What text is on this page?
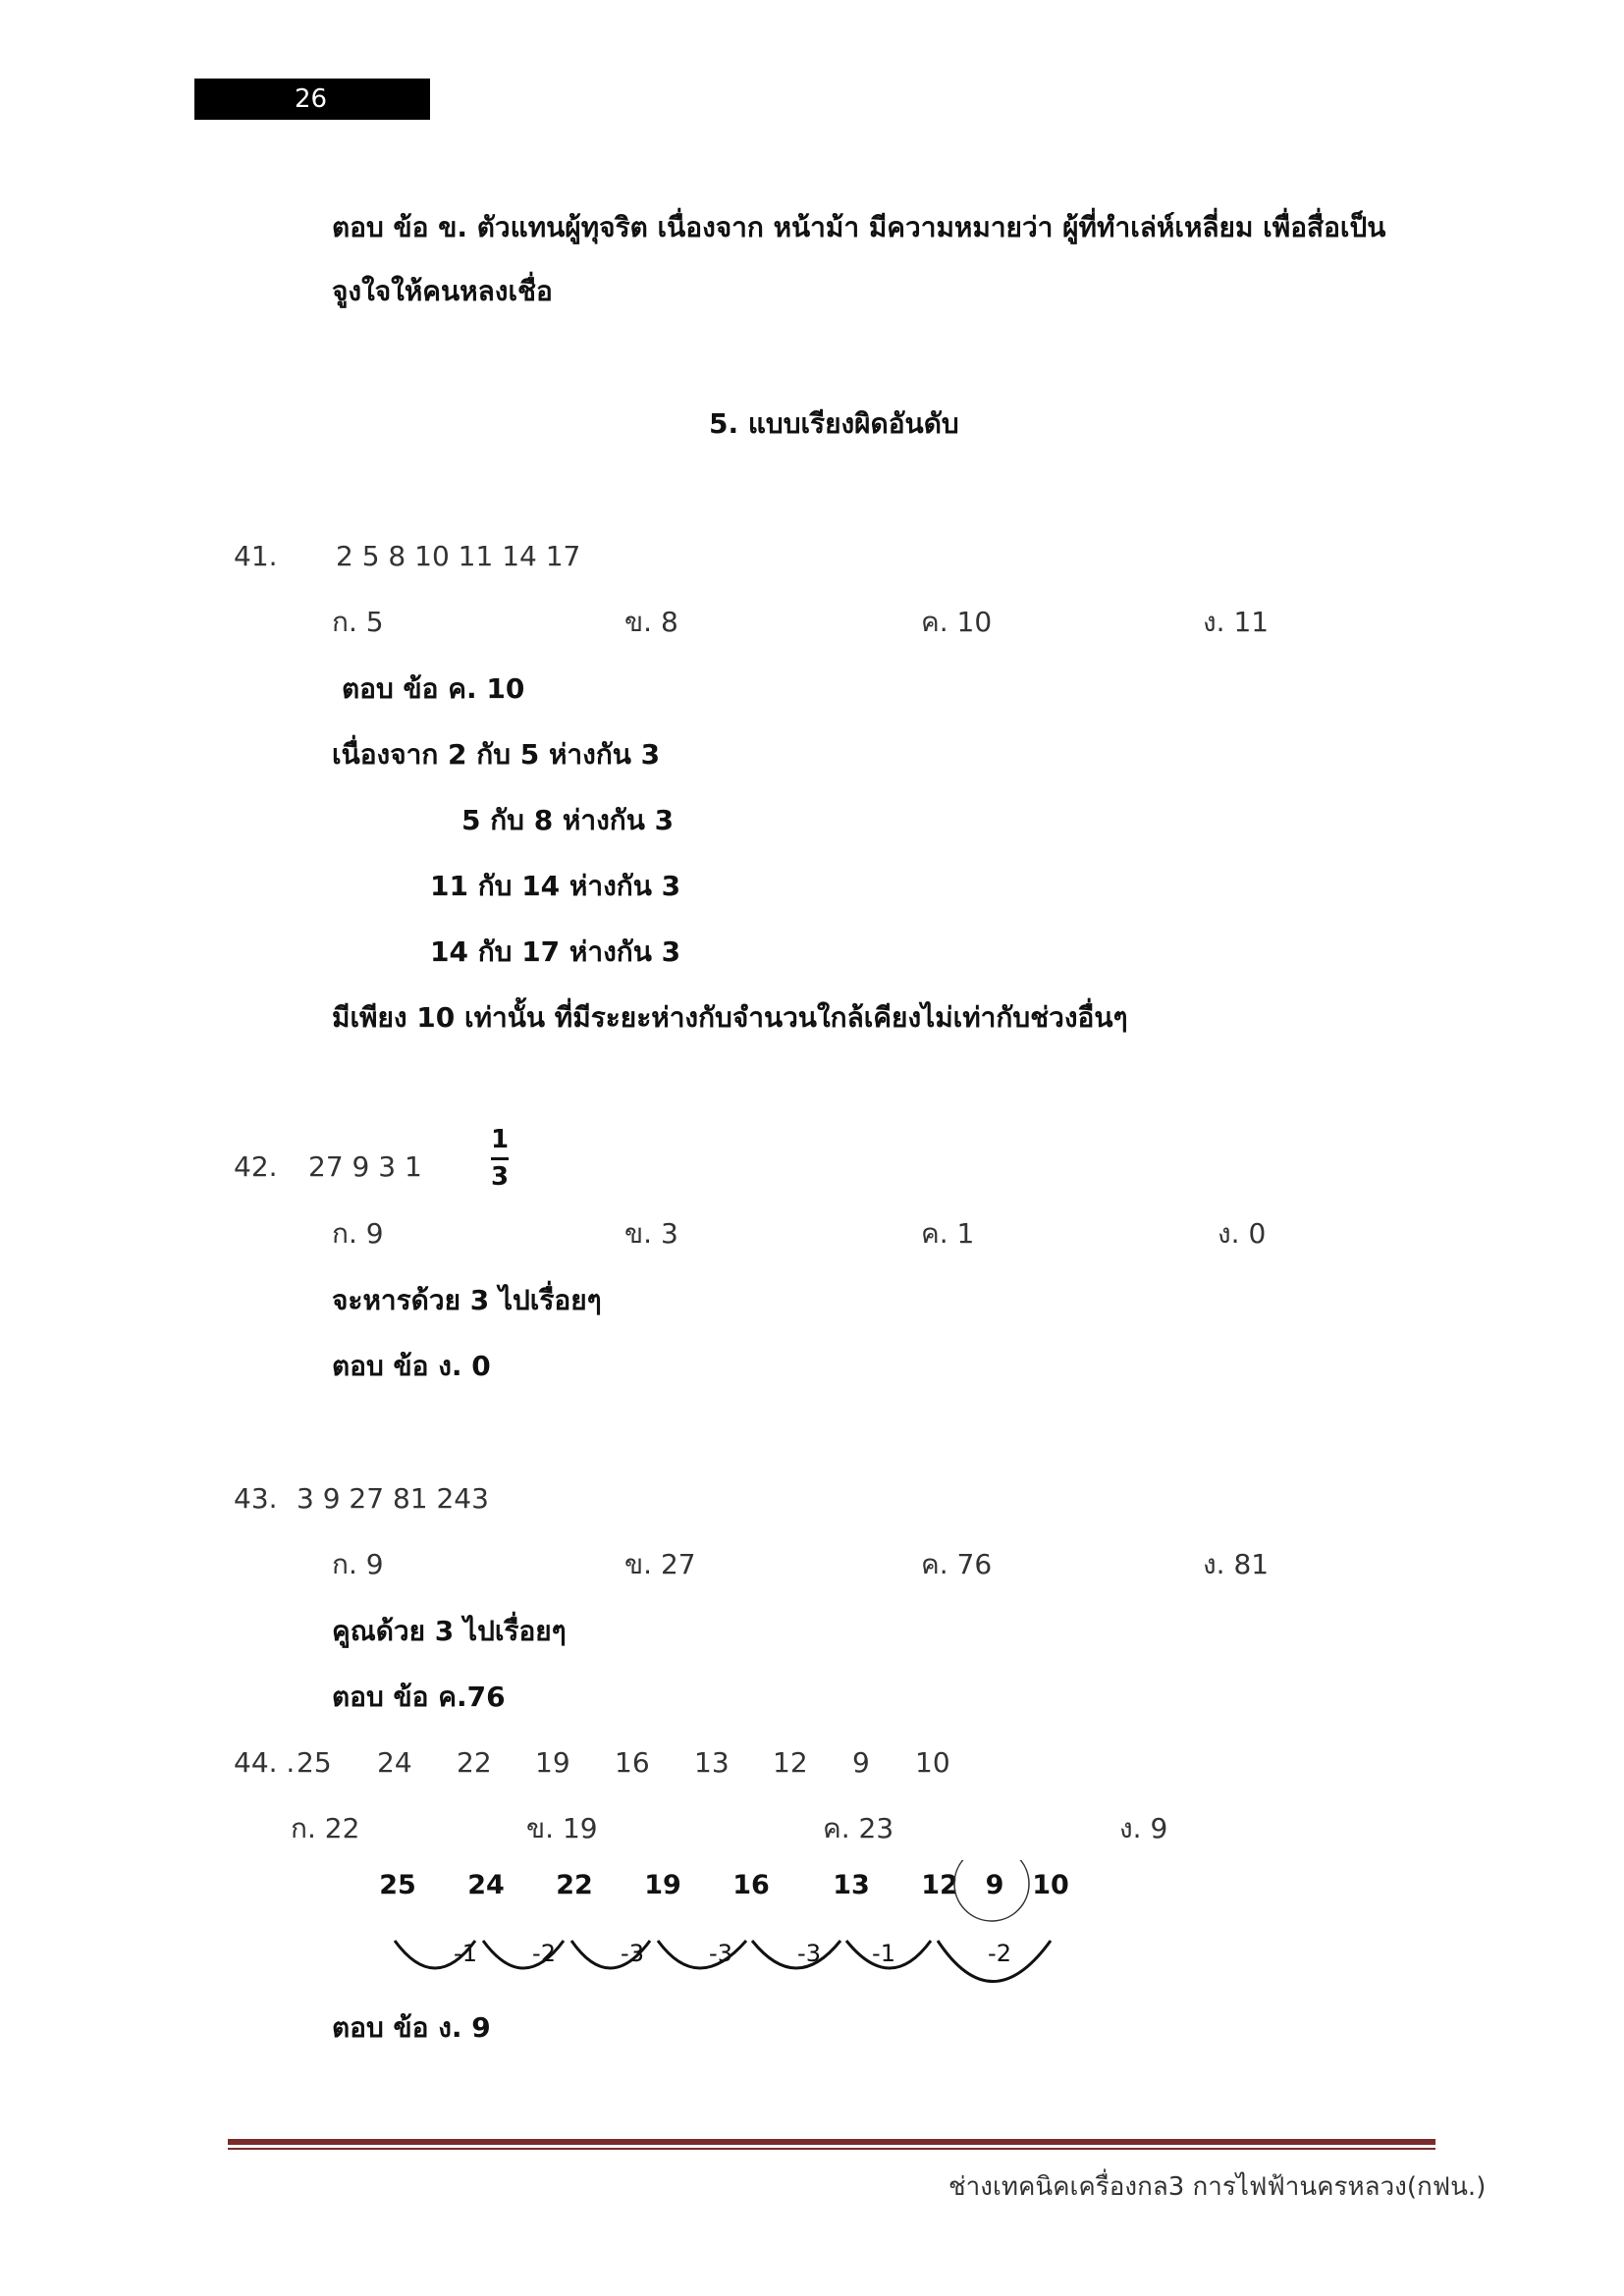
26
ตอบ ข้อ ข. ตัวแทนผู้ทุจริต เนื่องจาก หน้าม้า มีความหมายว่า ผู้ที่ทำเล่ห์เหลี่ยม เพื่อสื่อเป็น
จูงใจให้คนหลงเชื่อ
5. แบบเรียงผิดอันดับ
41. 2 5 8 10 11 14 17
ก. 5	ข. 8	ค. 10	ง. 11
ตอบ ข้อ ค. 10
เนื่องจาก 2 กับ 5 ห่างกัน 3
5 กับ 8 ห่างกัน 3
11 กับ 14 ห่างกัน 3
14 กับ 17 ห่างกัน 3
มีเพียง 10 เท่านั้น ที่มีระยะห่างกับจำนวนใกล้เคียงไม่เท่ากับช่วงอื่นๆ
42. 27 9 3 1	$\frac{1}{3}$
ก. 9	ข. 3	ค. 1	ง. 0
จะหารด้วย 3 ไปเรื่อยๆ
ตอบ ข้อ ง. 0
43. 3 9 27 81 243
ก. 9	ข. 27	ค. 76	ง. 81
คูณด้วย 3 ไปเรื่อยๆ
ตอบ ข้อ ค.76
44. . 25 24 22 19 16 13 12 9 10
ก. 22	ข. 19	ค. 23	ง. 9
25 24 22 19 16 13 12 9 10
-1 -2	-3	-3	-3 -1	-2
ตอบ ข้อ ง. 9
ช่างเทคนิคเครื่องกล3 การไฟฟ้านครหลวง(กฟน.)
